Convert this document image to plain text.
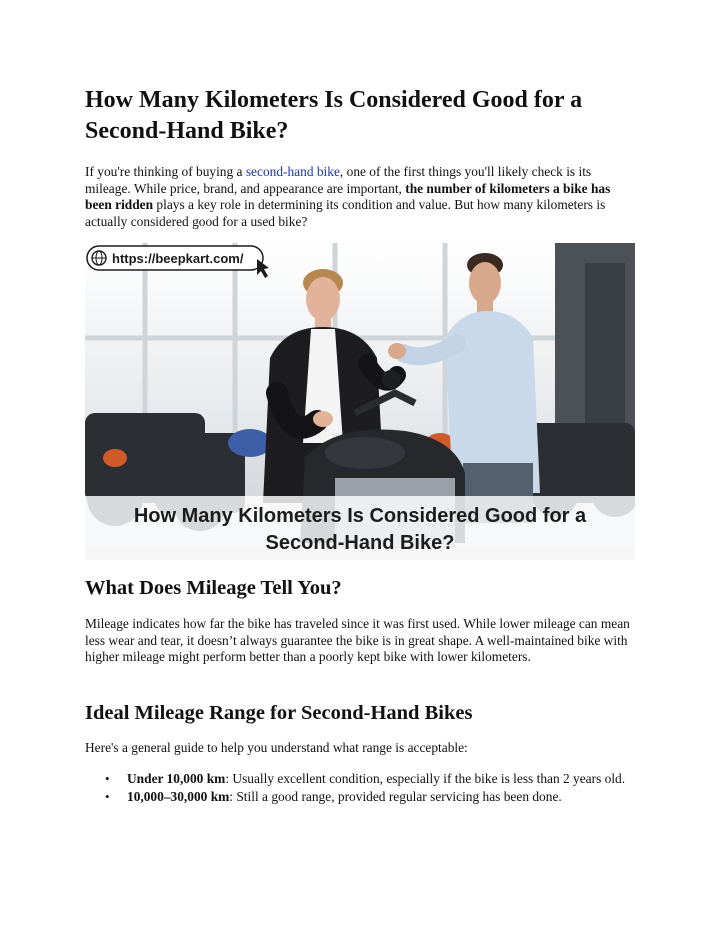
How Many Kilometers Is Considered Good for a Second-Hand Bike?

If you're thinking of buying a second-hand bike, one of the first things you'll likely check is its mileage. While price, brand, and appearance are important, the number of kilometers a bike has been ridden plays a key role in determining its condition and value. But how many kilometers is actually considered good for a used bike?

https://beepkart.com/
How Many Kilometers Is Considered Good for a
Second-Hand Bike?
What Does Mileage Tell You?

Mileage indicates how far the bike has traveled since it was first used. While lower mileage can mean less wear and tear, it doesn’t always guarantee the bike is in great shape. A well-maintained bike with higher mileage might perform better than a poorly kept bike with lower kilometers.

Ideal Mileage Range for Second-Hand Bikes

Here's a general guide to help you understand what range is acceptable:

• Under 10,000 km: Usually excellent condition, especially if the bike is less than 2 years old.
• 10,000–30,000 km: Still a good range, provided regular servicing has been done.
